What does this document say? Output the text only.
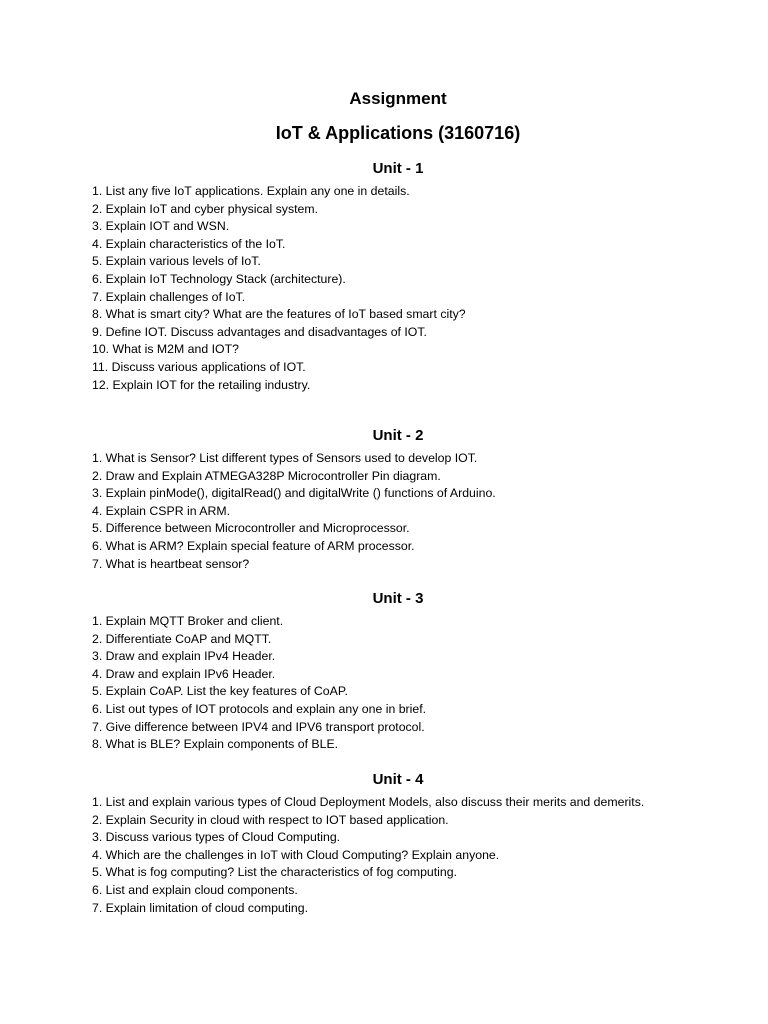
Assignment
IoT & Applications (3160716)
Unit - 1
1. List any five IoT applications. Explain any one in details.
2. Explain IoT and cyber physical system.
3. Explain IOT and WSN.
4. Explain characteristics of the IoT.
5. Explain various levels of IoT.
6. Explain IoT Technology Stack (architecture).
7. Explain challenges of IoT.
8. What is smart city? What are the features of IoT based smart city?
9. Define IOT. Discuss advantages and disadvantages of IOT.
10. What is M2M and IOT?
11. Discuss various applications of IOT.
12. Explain IOT for the retailing industry.
Unit - 2
1. What is Sensor? List different types of Sensors used to develop IOT.
2. Draw and Explain ATMEGA328P Microcontroller Pin diagram.
3. Explain pinMode(), digitalRead() and digitalWrite () functions of Arduino.
4. Explain CSPR in ARM.
5. Difference between Microcontroller and Microprocessor.
6. What is ARM? Explain special feature of ARM processor.
7. What is heartbeat sensor?
Unit - 3
1. Explain MQTT Broker and client.
2. Differentiate CoAP and MQTT.
3. Draw and explain IPv4 Header.
4. Draw and explain IPv6 Header.
5. Explain CoAP. List the key features of CoAP.
6. List out types of IOT protocols and explain any one in brief.
7. Give difference between IPV4 and IPV6 transport protocol.
8. What is BLE? Explain components of BLE.
Unit - 4
1. List and explain various types of Cloud Deployment Models, also discuss their merits and demerits.
2. Explain Security in cloud with respect to IOT based application.
3. Discuss various types of Cloud Computing.
4. Which are the challenges in IoT with Cloud Computing? Explain anyone.
5. What is fog computing? List the characteristics of fog computing.
6. List and explain cloud components.
7. Explain limitation of cloud computing.
